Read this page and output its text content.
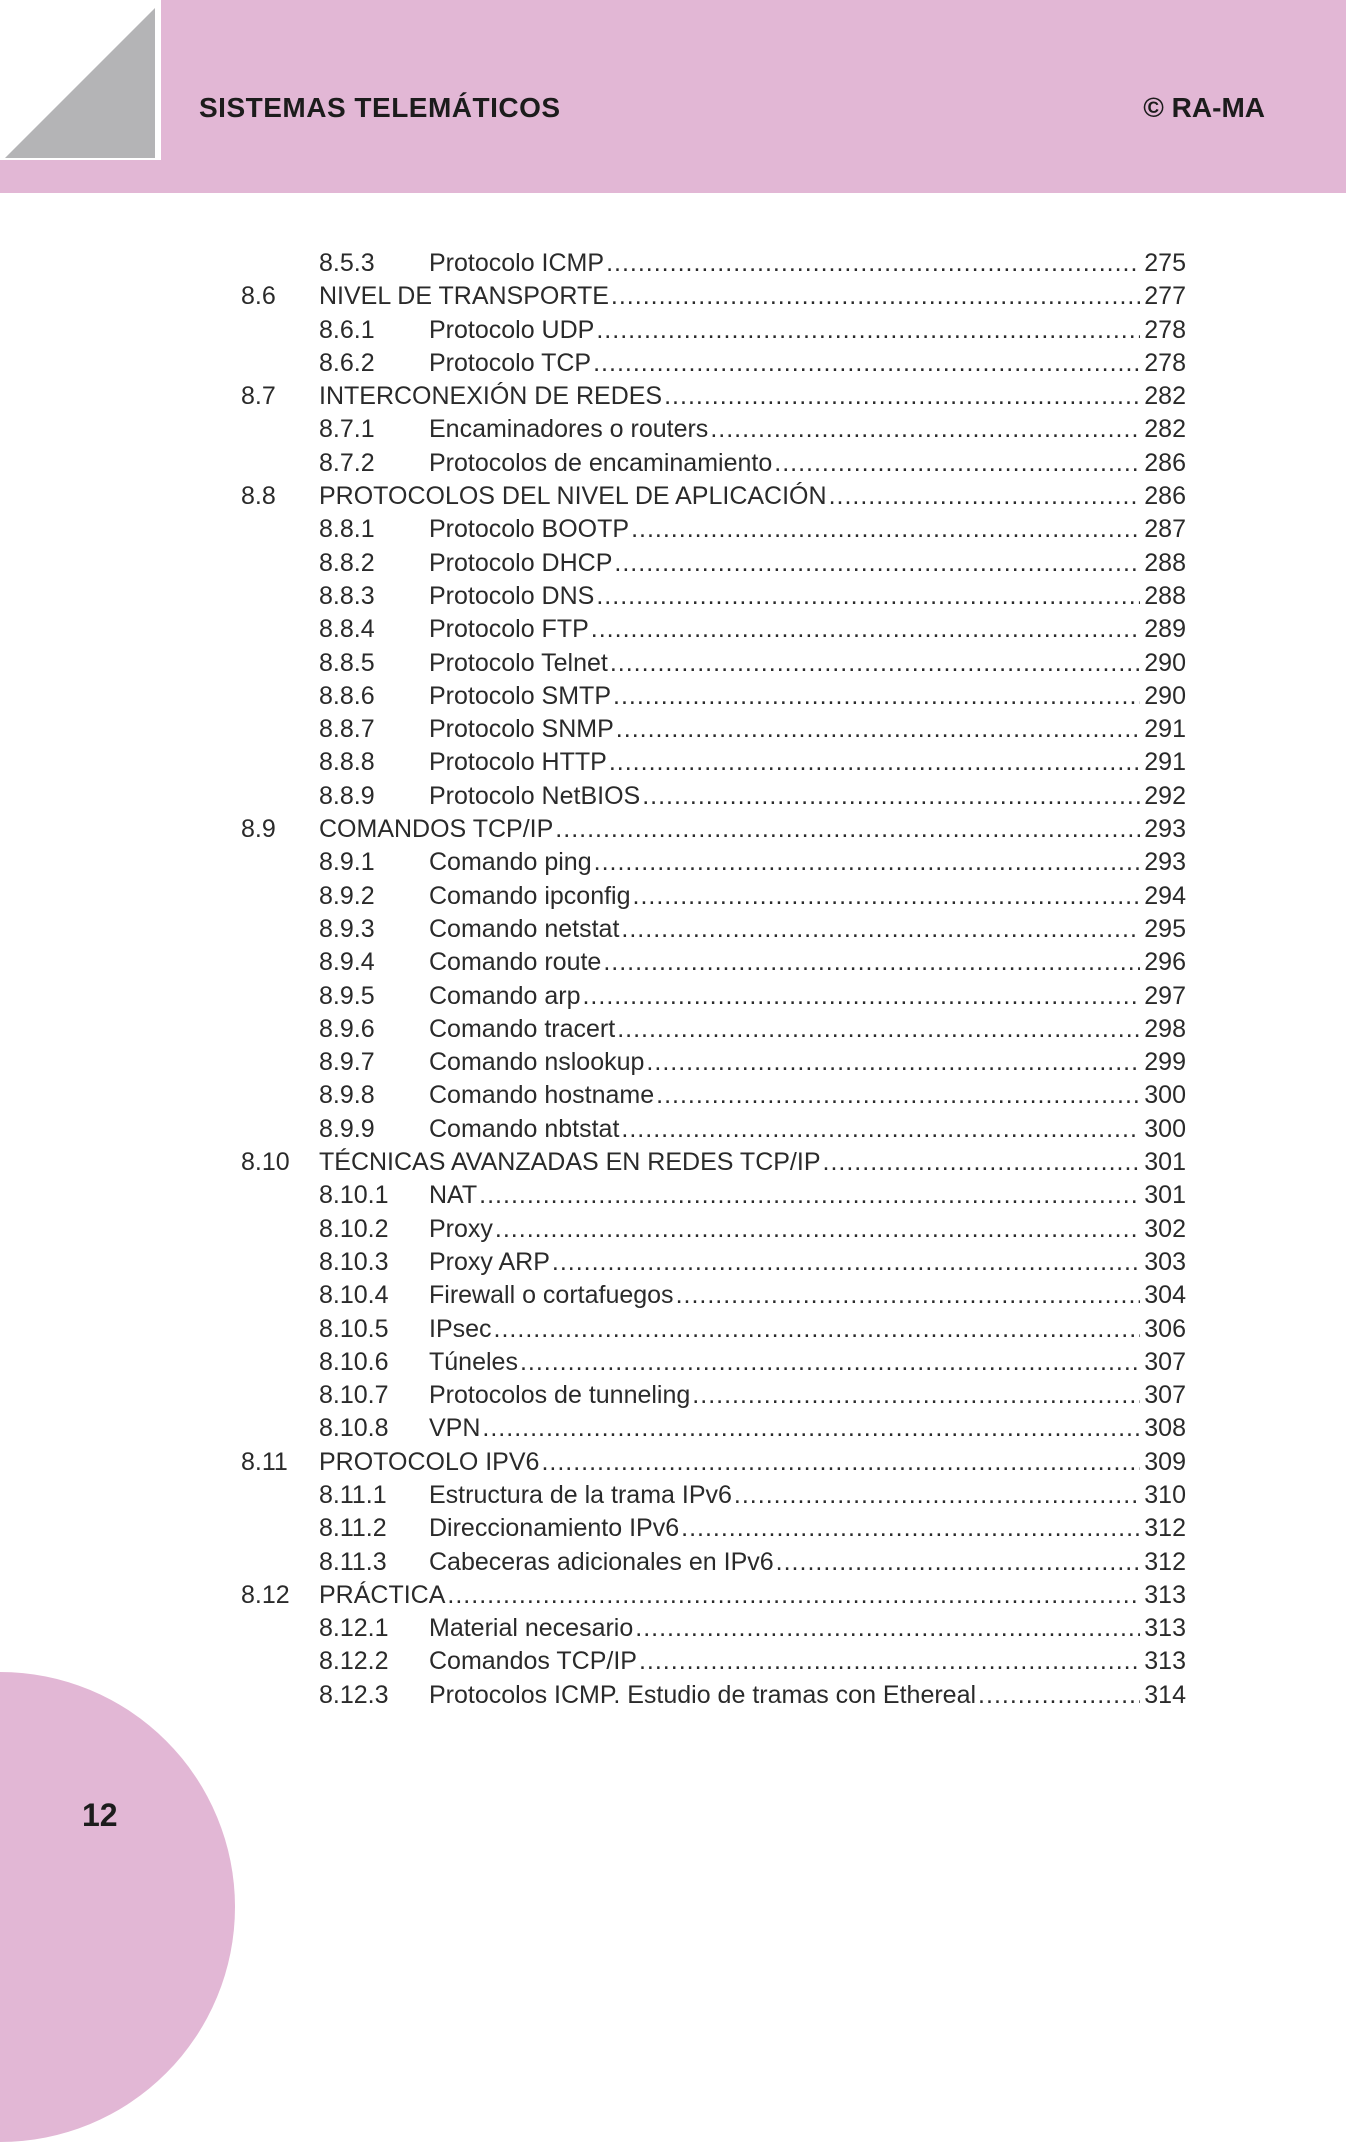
SISTEMAS TELEMÁTICOS	© RA-MA
8.5.3 Protocolo ICMP .....	275
8.6 NIVEL DE TRANSPORTE .....	277
8.6.1 Protocolo UDP .....	278
8.6.2 Protocolo TCP .....	278
8.7 INTERCONEXIÓN DE REDES .....	282
8.7.1 Encaminadores o routers .....	282
8.7.2 Protocolos de encaminamiento .....	286
8.8 PROTOCOLOS DEL NIVEL DE APLICACIÓN .....	286
8.8.1 Protocolo BOOTP .....	287
8.8.2 Protocolo DHCP .....	288
8.8.3 Protocolo DNS .....	288
8.8.4 Protocolo FTP .....	289
8.8.5 Protocolo Telnet .....	290
8.8.6 Protocolo SMTP .....	290
8.8.7 Protocolo SNMP .....	291
8.8.8 Protocolo HTTP .....	291
8.8.9 Protocolo NetBIOS .....	292
8.9 COMANDOS TCP/IP .....	293
8.9.1 Comando ping .....	293
8.9.2 Comando ipconfig .....	294
8.9.3 Comando netstat .....	295
8.9.4 Comando route .....	296
8.9.5 Comando arp .....	297
8.9.6 Comando tracert .....	298
8.9.7 Comando nslookup .....	299
8.9.8 Comando hostname .....	300
8.9.9 Comando nbtstat .....	300
8.10 TÉCNICAS AVANZADAS EN REDES TCP/IP .....	301
8.10.1 NAT .....	301
8.10.2 Proxy .....	302
8.10.3 Proxy ARP .....	303
8.10.4 Firewall o cortafuegos .....	304
8.10.5 IPsec .....	306
8.10.6 Túneles .....	307
8.10.7 Protocolos de tunneling .....	307
8.10.8 VPN .....	308
8.11 PROTOCOLO IPV6 .....	309
8.11.1 Estructura de la trama IPv6 .....	310
8.11.2 Direccionamiento IPv6 .....	312
8.11.3 Cabeceras adicionales en IPv6 .....	312
8.12 PRÁCTICA .....	313
8.12.1 Material necesario .....	313
8.12.2 Comandos TCP/IP .....	313
8.12.3 Protocolos ICMP. Estudio de tramas con Ethereal .....	314
12
